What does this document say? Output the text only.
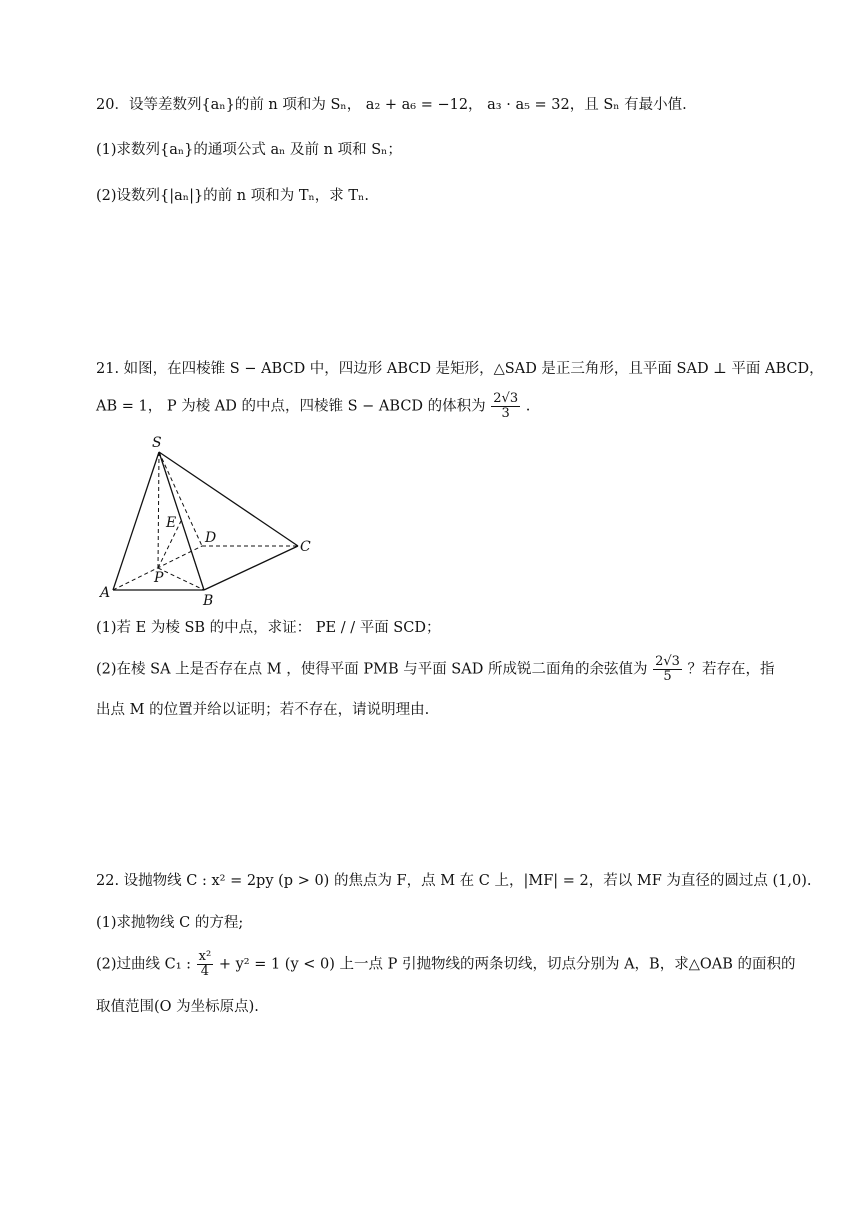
20．设等差数列{aₙ}的前 n 项和为 Sₙ， a₂ + a₆ = −12， a₃ · a₅ = 32，且 Sₙ 有最小值.
(1)求数列{aₙ}的通项公式 aₙ 及前 n 项和 Sₙ；
(2)设数列{|aₙ|}的前 n 项和为 Tₙ，求 Tₙ.
21. 如图，在四棱锥 S − ABCD 中，四边形 ABCD 是矩形，△SAD 是正三角形，且平面 SAD ⊥ 平面 ABCD，
AB = 1， P 为棱 AD 的中点，四棱锥 S − ABCD 的体积为 $\frac{2√3}{3}$ .
S
A	B
C
D
E
P
(1)若 E 为棱 SB 的中点，求证： PE / / 平面 SCD；
(2)在棱 SA 上是否存在点 M ，使得平面 PMB 与平面 SAD 所成锐二面角的余弦值为 $\frac{2√3}{5}$ ？若存在，指
出点 M 的位置并给以证明；若不存在，请说明理由.
22. 设抛物线 C : x² = 2py (p > 0) 的焦点为 F，点 M 在 C 上，|MF| = 2，若以 MF 为直径的圆过点 (1,0).
(1)求抛物线 C 的方程;
(2)过曲线 C₁ : $\frac{\text{x²}}{4} + y^2 = 1$ (y < 0) 上一点 P 引抛物线的两条切线，切点分别为 A，B，求△OAB 的面积的
取值范围(O 为坐标原点).
